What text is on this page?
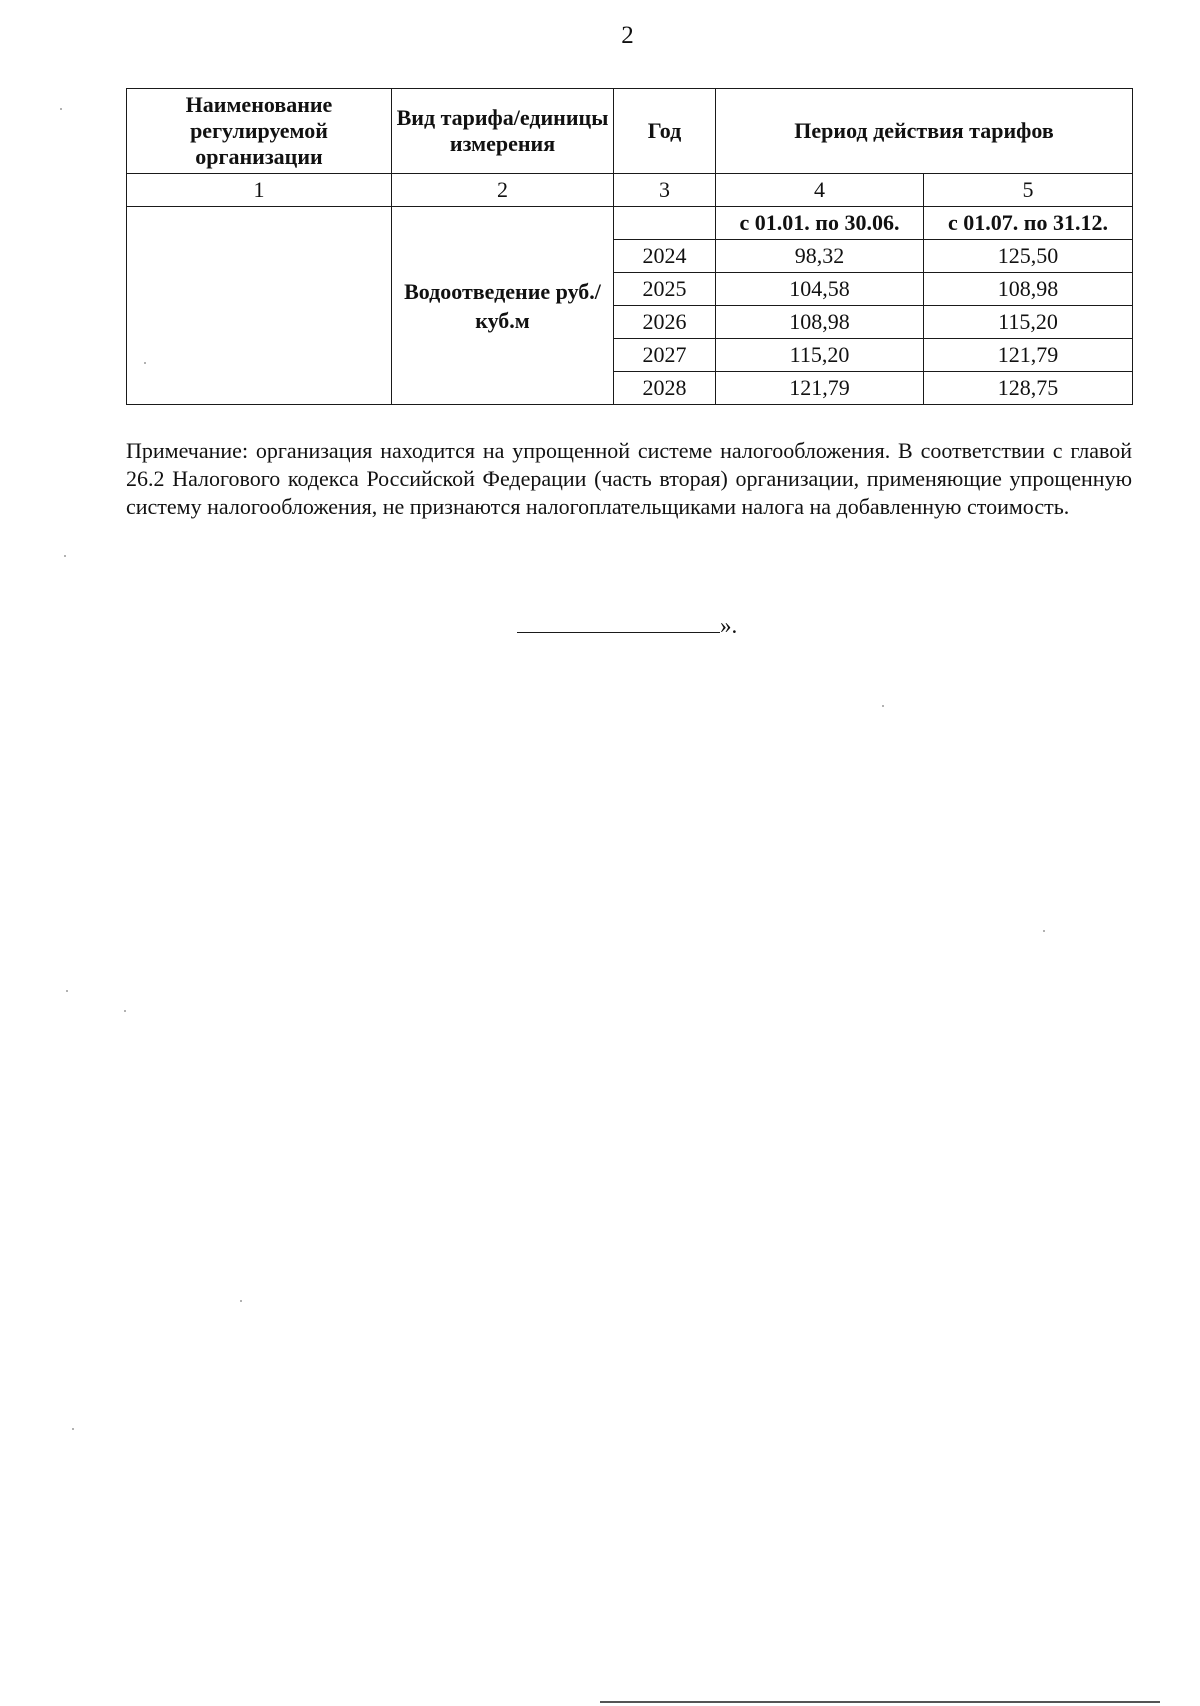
2
Наименование регулируемой организации	Вид тарифа/единицы измерения	Год	Период действия тарифов	
1	2	3	4	5
	Водоотведение руб./куб.м		с 01.01. по 30.06.	с 01.07. по 31.12.
		2024	98,32	125,50
		2025	104,58	108,98
		2026	108,98	115,20
		2027	115,20	121,79
		2028	121,79	128,75
Примечание: организация находится на упрощенной системе налогообложения. В соответствии с главой 26.2 Налогового кодекса Российской Федерации (часть вторая) организации, применяющие упрощенную систему налогообложения, не признаются налогоплательщиками налога на добавленную стоимость.
».
